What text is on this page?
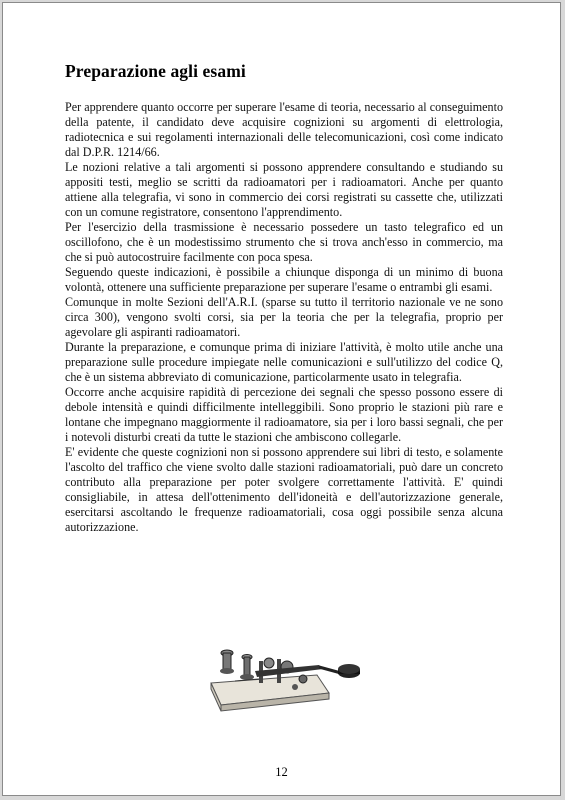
Preparazione agli esami

Per apprendere quanto occorre per superare l'esame di teoria, necessario al conseguimento della patente, il candidato deve acquisire cognizioni su argomenti di elettrologia, radiotecnica e sui regolamenti internazionali delle telecomunicazioni, così come indicato dal D.P.R. 1214/66.

Le nozioni relative a tali argomenti si possono apprendere consultando e studiando su appositi testi, meglio se scritti da radioamatori per i radioamatori. Anche per quanto attiene alla telegrafia, vi sono in commercio dei corsi registrati su cassette che, utilizzati con un comune registratore, consentono l'apprendimento.

Per l'esercizio della trasmissione è necessario possedere un tasto telegrafico ed un oscillofono, che è un modestissimo strumento che si trova anch'esso in commercio, ma che si può autocostruire facilmente con poca spesa.

Seguendo queste indicazioni, è possibile a chiunque disponga di un minimo di buona volontà, ottenere una sufficiente preparazione per superare l'esame o entrambi gli esami.

Comunque in molte Sezioni dell'A.R.I. (sparse su tutto il territorio nazionale ve ne sono circa 300), vengono svolti corsi, sia per la teoria che per la telegrafia, proprio per agevolare gli aspiranti radioamatori.

Durante la preparazione, e comunque prima di iniziare l'attività, è molto utile anche una preparazione sulle procedure impiegate nelle comunicazioni e sull'utilizzo del codice Q, che è un sistema abbreviato di comunicazione, particolarmente usato in telegrafia.

Occorre anche acquisire rapidità di percezione dei segnali che spesso possono essere di debole intensità e quindi difficilmente intelleggibili. Sono proprio le stazioni più rare e lontane che impegnano maggiormente il radioamatore, sia per i loro bassi segnali, che per i notevoli disturbi creati da tutte le stazioni che ambiscono collegarle.

E' evidente che queste cognizioni non si possono apprendere sui libri di testo, e solamente l'ascolto del traffico che viene svolto dalle stazioni radioamatoriali, può dare un concreto contributo alla preparazione per poter svolgere correttamente l'attività. E' quindi consigliabile, in attesa dell'ottenimento dell'idoneità e dell'autorizzazione generale, esercitarsi ascoltando le frequenze radioamatoriali, cosa oggi possibile senza alcuna autorizzazione.

12
